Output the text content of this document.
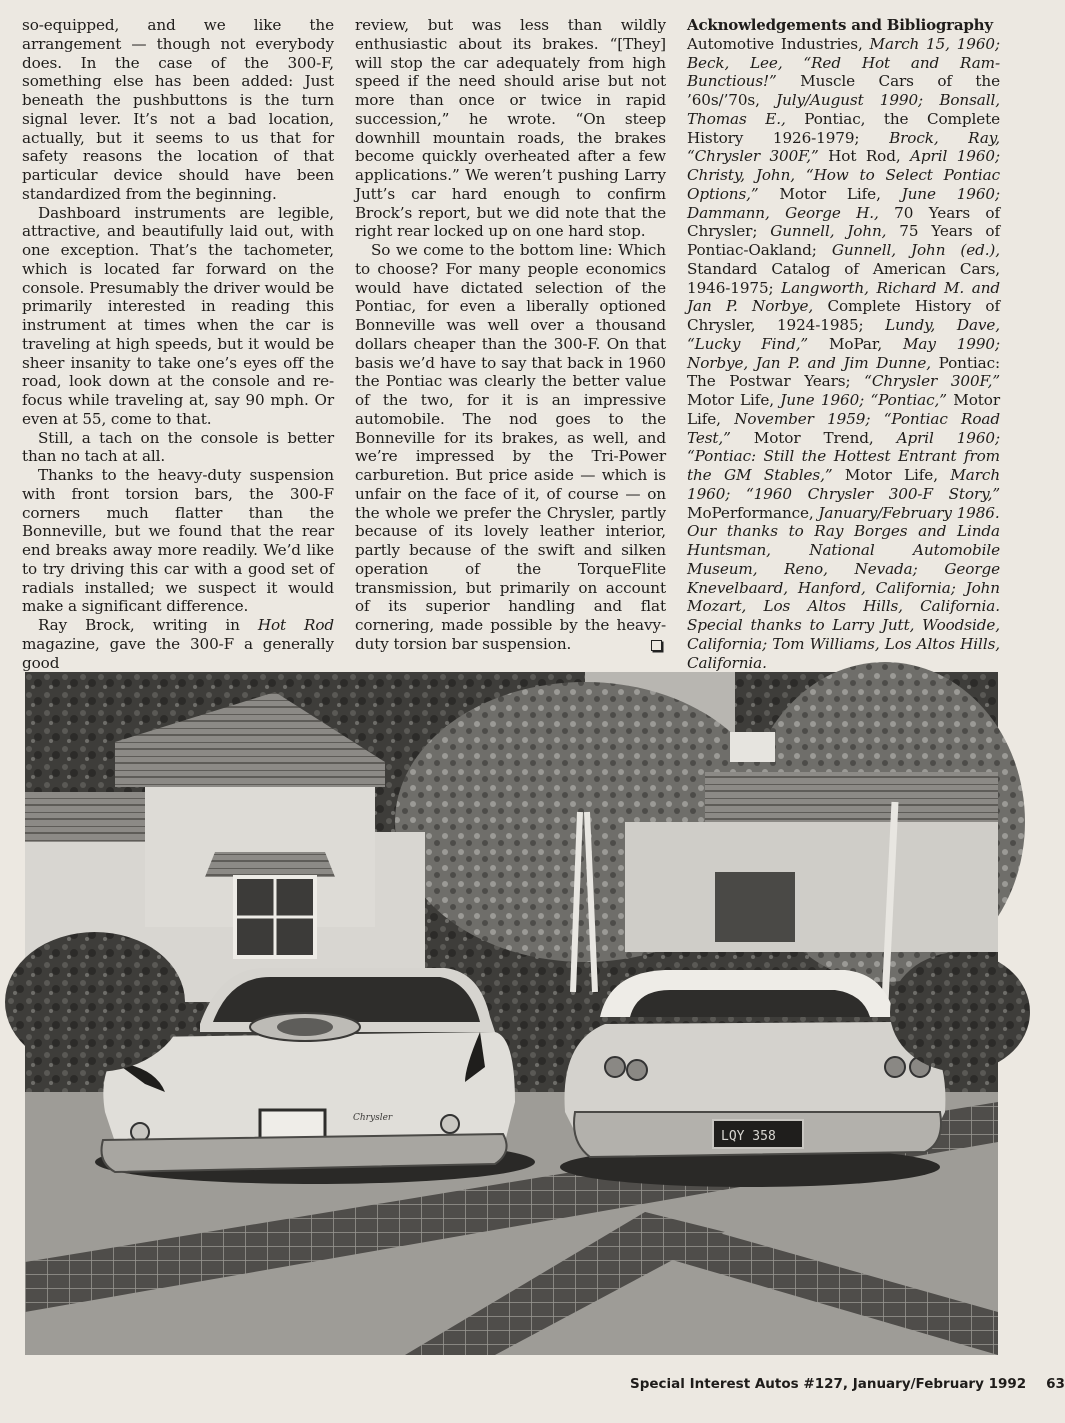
so-equipped, and we like the arrangement — though not everybody does. In the case of the 300-F, something else has been added: Just beneath the pushbuttons is the turn signal lever. It’s not a bad location, actually, but it seems to us that for safety reasons the location of that particular device should have been standardized from the beginning.

Dashboard instruments are legible, attractive, and beautifully laid out, with one exception. That’s the tachometer, which is located far forward on the console. Presumably the driver would be primarily interested in reading this instrument at times when the car is traveling at high speeds, but it would be sheer insanity to take one’s eyes off the road, look down at the console and re-focus while traveling at, say 90 mph. Or even at 55, come to that.

Still, a tach on the console is better than no tach at all.

Thanks to the heavy-duty suspension with front torsion bars, the 300-F corners much flatter than the Bonneville, but we found that the rear end breaks away more readily. We’d like to try driving this car with a good set of radials installed; we suspect it would make a significant difference.

Ray Brock, writing in Hot Rod magazine, gave the 300-F a generally good

review, but was less than wildly enthusiastic about its brakes. “[They] will stop the car adequately from high speed if the need should arise but not more than once or twice in rapid succession,” he wrote. “On steep downhill mountain roads, the brakes become quickly overheated after a few applications.” We weren’t pushing Larry Jutt’s car hard enough to confirm Brock’s report, but we did note that the right rear locked up on one hard stop.

So we come to the bottom line: Which to choose? For many people economics would have dictated selection of the Pontiac, for even a liberally optioned Bonneville was well over a thousand dollars cheaper than the 300-F. On that basis we’d have to say that back in 1960 the Pontiac was clearly the better value of the two, for it is an impressive automobile. The nod goes to the Bonneville for its brakes, as well, and we’re impressed by the Tri-Power carburetion. But price aside — which is unfair on the face of it, of course — on the whole we prefer the Chrysler, partly because of its lovely leather interior, partly because of the swift and silken operation of the TorqueFlite transmission, but primarily on account of its superior handling and flat cornering, made possible by the heavy-duty torsion bar suspension.

Acknowledgements and Bibliography

Automotive Industries, March 15, 1960; Beck, Lee, “Red Hot and Ram-Bunctious!” Muscle Cars of the ’60s/’70s, July/August 1990; Bonsall, Thomas E., Pontiac, the Complete History 1926-1979; Brock, Ray, “Chrysler 300F,” Hot Rod, April 1960; Christy, John, “How to Select Pontiac Options,” Motor Life, June 1960; Dammann, George H., 70 Years of Chrysler; Gunnell, John, 75 Years of Pontiac-Oakland; Gunnell, John (ed.), Standard Catalog of American Cars, 1946-1975; Langworth, Richard M. and Jan P. Norbye, Complete History of Chrysler, 1924-1985; Lundy, Dave, “Lucky Find,” MoPar, May 1990; Norbye, Jan P. and Jim Dunne, Pontiac: The Postwar Years; “Chrysler 300F,” Motor Life, June 1960; “Pontiac,” Motor Life, November 1959; “Pontiac Road Test,” Motor Trend, April 1960; “Pontiac: Still the Hottest Entrant from the GM Stables,” Motor Life, March 1960; “1960 Chrysler 300-F Story,” MoPerformance, January/February 1986.

Our thanks to Ray Borges and Linda Huntsman, National Automobile Museum, Reno, Nevada; George Knevelbaard, Hanford, California; John Mozart, Los Altos Hills, California. Special thanks to Larry Jutt, Woodside, California; Tom Williams, Los Altos Hills, California.

Chrysler
LQY 358
Special Interest Autos #127, January/February 1992 63
